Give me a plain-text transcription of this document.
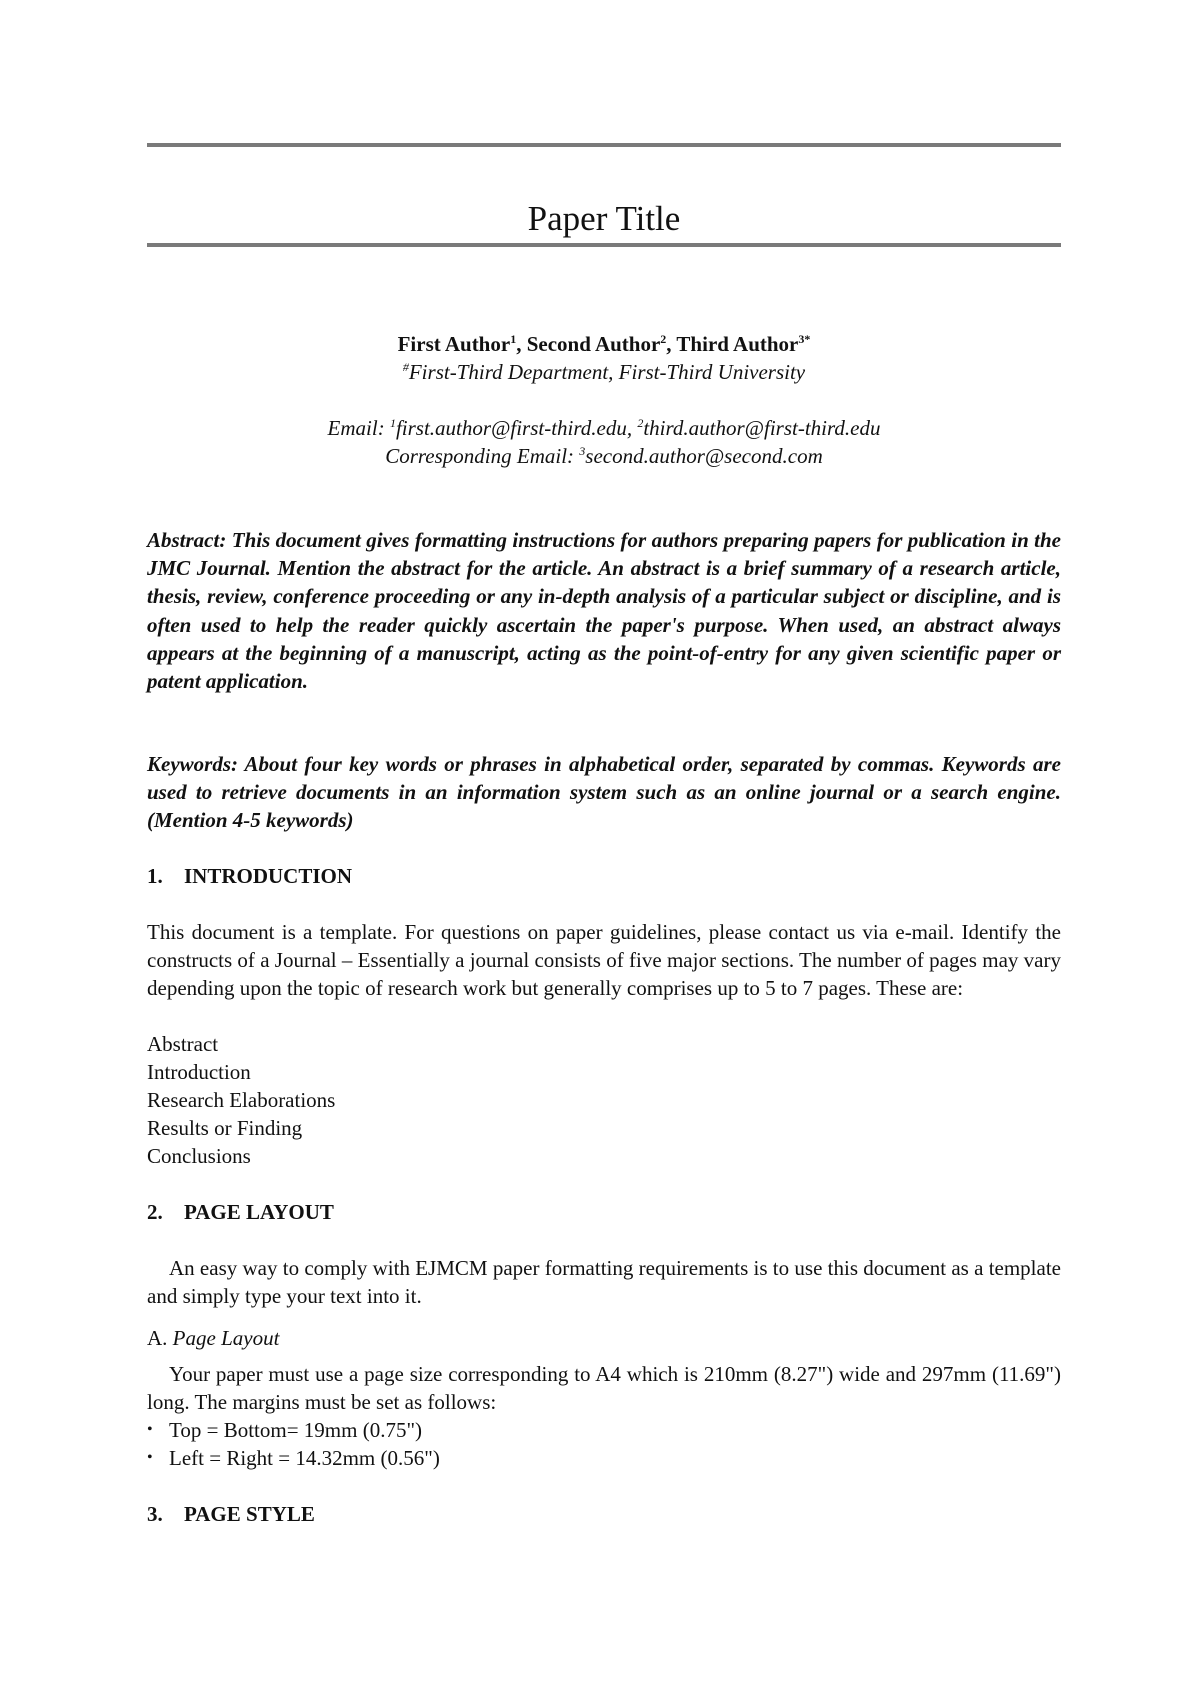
Paper Title
First Author$^1$, Second Author$^2$, Third Author$^{3*}$
#First-Third Department, First-Third University
Email: $^1$first.author@first-third.edu, $^2$third.author@first-third.edu
Corresponding Email: $^3$second.author@second.com

Abstract: This document gives formatting instructions for authors preparing papers for publication in the JMC Journal. Mention the abstract for the article. An abstract is a brief summary of a research article, thesis, review, conference proceeding or any in-depth analysis of a particular subject or discipline, and is often used to help the reader quickly ascertain the paper's purpose. When used, an abstract always appears at the beginning of a manuscript, acting as the point-of-entry for any given scientific paper or patent application.

Keywords: About four key words or phrases in alphabetical order, separated by commas. Keywords are used to retrieve documents in an information system such as an online journal or a search engine. (Mention 4-5 keywords)

1. INTRODUCTION

This document is a template. For questions on paper guidelines, please contact us via e-mail. Identify the constructs of a Journal – Essentially a journal consists of five major sections. The number of pages may vary depending upon the topic of research work but generally comprises up to 5 to 7 pages. These are:

Abstract
Introduction
Research Elaborations
Results or Finding
Conclusions
2. PAGE LAYOUT

An easy way to comply with EJMCM paper formatting requirements is to use this document as a template and simply type your text into it.

A. Page Layout

Your paper must use a page size corresponding to A4 which is 210mm (8.27") wide and 297mm (11.69") long. The margins must be set as follows:

• Top = Bottom= 19mm (0.75")
• Left = Right = 14.32mm (0.56")
3. PAGE STYLE
